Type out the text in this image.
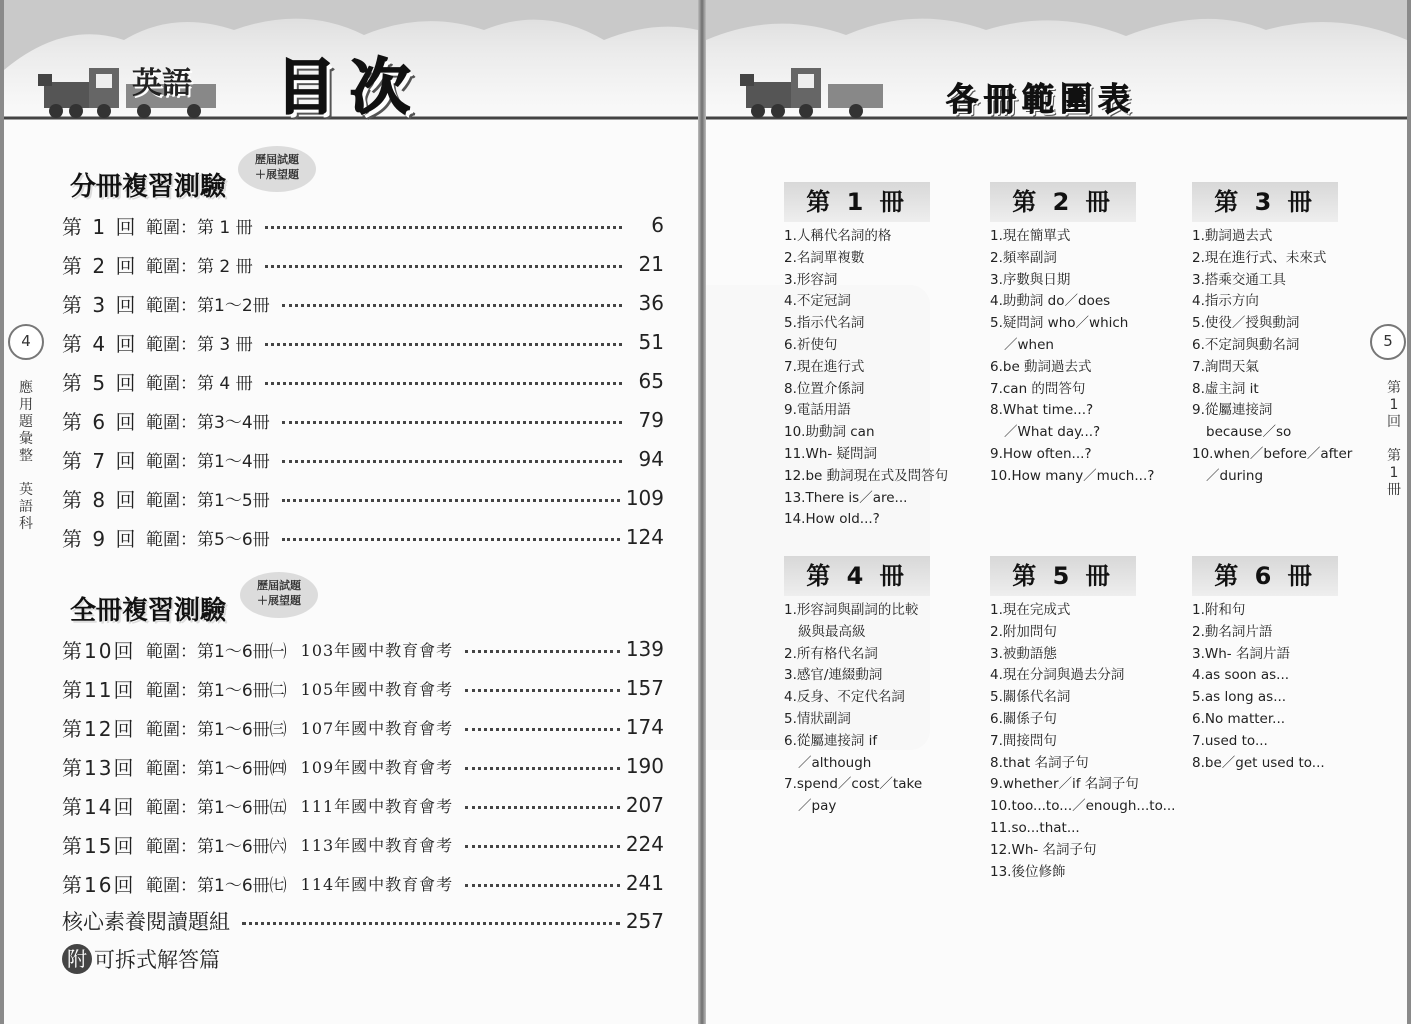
英語 目次
4
應
用
題
彙
整

英
語
科
分冊複習測驗
歷屆試題
＋展望題
第 1 回 範圍：第 1 冊	6
第 2 回 範圍：第 2 冊	21
第 3 回 範圍：第1～2冊	36
第 4 回 範圍：第 3 冊	51
第 5 回 範圍：第 4 冊	65
第 6 回 範圍：第3～4冊	79
第 7 回 範圍：第1～4冊	94
第 8 回 範圍：第1～5冊	109
第 9 回 範圍：第5～6冊	124
全冊複習測驗
歷屆試題
＋展望題
第10回 範圍：第1～6冊㈠ 103年國中教育會考	139
第11回 範圍：第1～6冊㈡ 105年國中教育會考	157
第12回 範圍：第1～6冊㈢ 107年國中教育會考	174
第13回 範圍：第1～6冊㈣ 109年國中教育會考	190
第14回 範圍：第1～6冊㈤ 111年國中教育會考	207
第15回 範圍：第1～6冊㈥ 113年國中教育會考	224
第16回 範圍：第1～6冊㈦ 114年國中教育會考	241
核心素養閱讀題組	257
附 可拆式解答篇
各冊範圍表
5
第
1
回

第
1
冊
第 1 冊
1.人稱代名詞的格
2.名詞單複數
3.形容詞
4.不定冠詞
5.指示代名詞
6.祈使句
7.現在進行式
8.位置介係詞
9.電話用語
10.助動詞 can
11.Wh- 疑問詞
12.be 動詞現在式及問答句
13.There is／are...
14.How old...?
第 2 冊
1.現在簡單式
2.頻率副詞
3.序數與日期
4.助動詞 do／does
5.疑問詞 who／which
／when
6.be 動詞過去式
7.can 的問答句
8.What time...?
／What day...?
9.How often...?
10.How many／much...?
第 3 冊
1.動詞過去式
2.現在進行式、未來式
3.搭乘交通工具
4.指示方向
5.使役／授與動詞
6.不定詞與動名詞
7.詢問天氣
8.虛主詞 it
9.從屬連接詞
because／so
10.when／before／after
／during
第 4 冊
1.形容詞與副詞的比較
級與最高級
2.所有格代名詞
3.感官/連綴動詞
4.反身、不定代名詞
5.情狀副詞
6.從屬連接詞 if
／although
7.spend／cost／take
／pay
第 5 冊
1.現在完成式
2.附加問句
3.被動語態
4.現在分詞與過去分詞
5.關係代名詞
6.關係子句
7.間接問句
8.that 名詞子句
9.whether／if 名詞子句
10.too...to...／enough...to...
11.so...that...
12.Wh- 名詞子句
13.後位修飾
第 6 冊
1.附和句
2.動名詞片語
3.Wh- 名詞片語
4.as soon as...
5.as long as...
6.No matter...
7.used to...
8.be／get used to...
